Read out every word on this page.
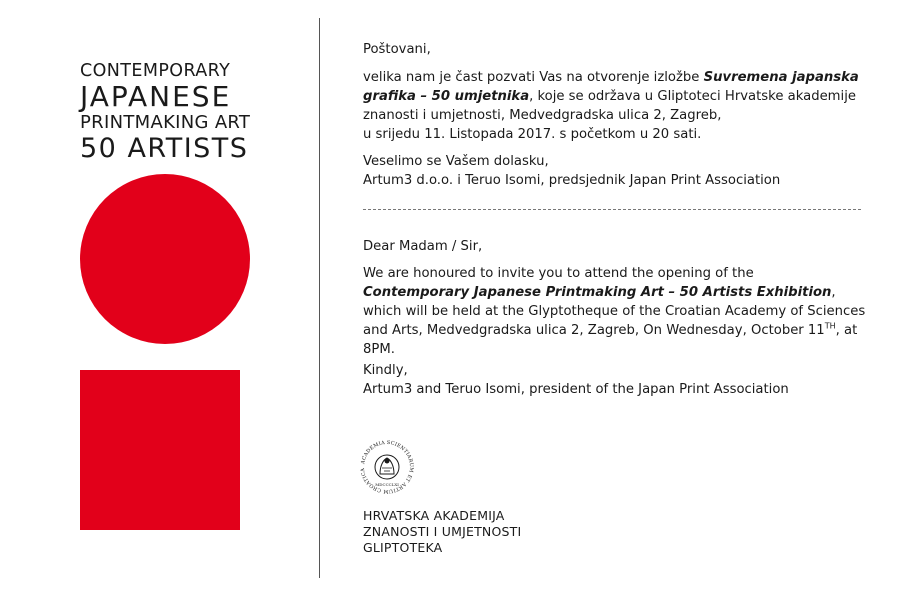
CONTEMPORARY
JAPANESE
PRINTMAKING ART
50 ARTISTS

Poštovani,

velika nam je čast pozvati Vas na otvorenje izložbe Suvremena japanska grafika – 50 umjetnika, koje se održava u Gliptoteci Hrvatske akademije znanosti i umjetnosti, Medvedgradska ulica 2, Zagreb,
u srijedu 11. Listopada 2017. s početkom u 20 sati.

Veselimo se Vašem dolasku,
Artum3 d.o.o. i Teruo Isomi, predsjednik Japan Print Association

Dear Madam / Sir,

We are honoured to invite you to attend the opening of the
Contemporary Japanese Printmaking Art – 50 Artists Exhibition, which will be held at the Glyptotheque of the Croatian Academy of Sciences and Arts, Medvedgradska ulica 2, Zagreb, On Wednesday, October 11TH, at 8PM.

Kindly,
Artum3 and Teruo Isomi, president of the Japan Print Association

ACADEMIA SCIENTIARUM ET ARTIUM CROATICA
MDCCCLXI
HRVATSKA AKADEMIJA
ZNANOSTI I UMJETNOSTI
GLIPTOTEKA
